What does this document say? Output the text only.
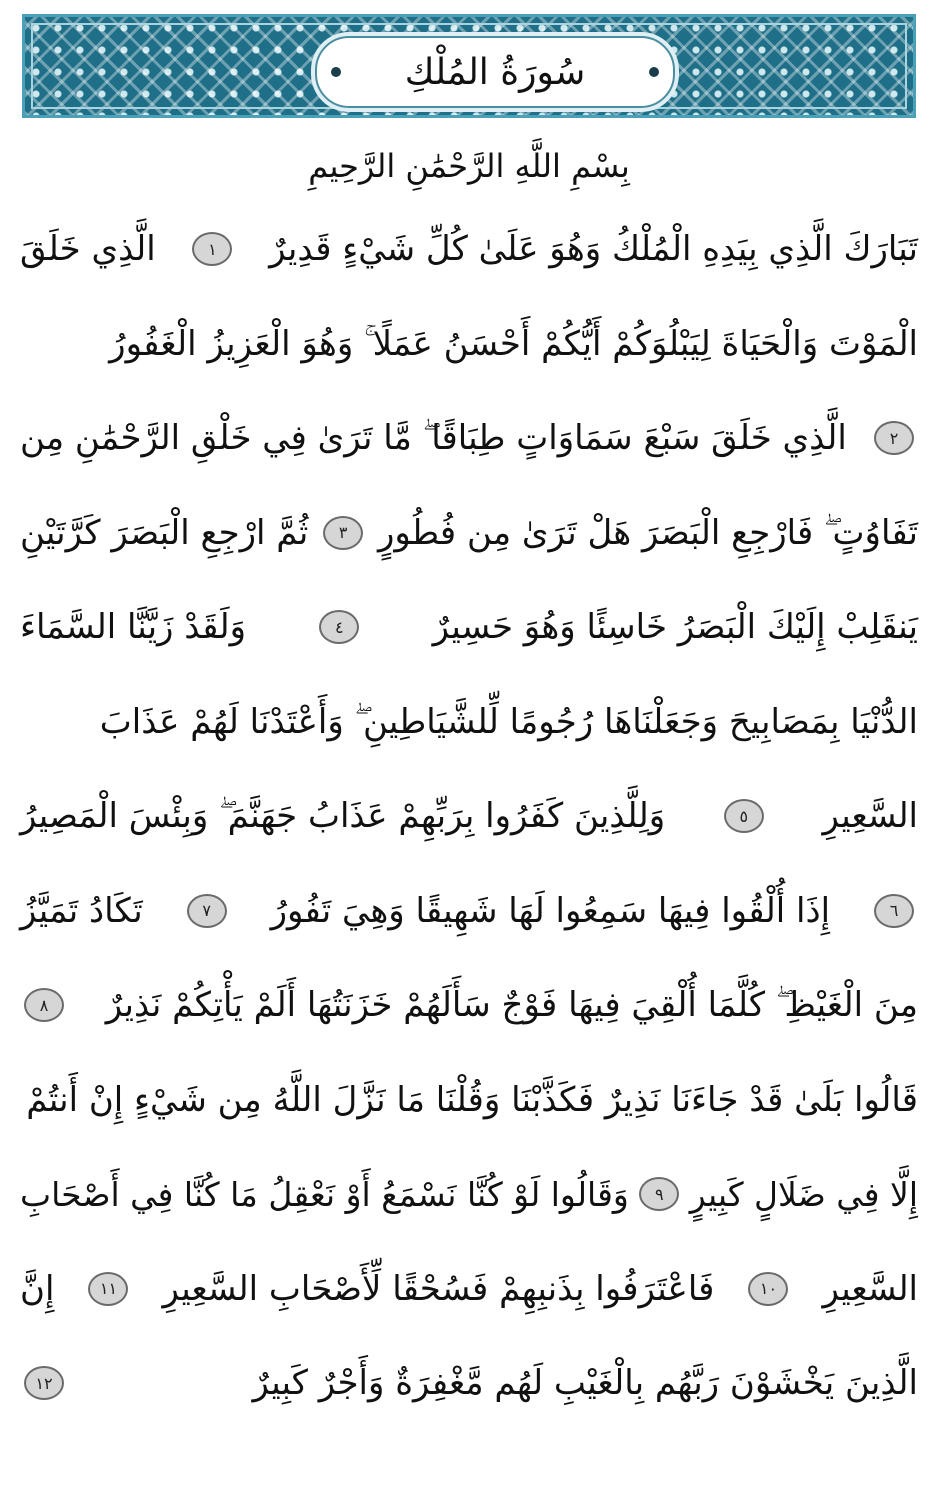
سُورَةُ المُلْكِ
بِسْمِ اللَّهِ الرَّحْمَٰنِ الرَّحِيمِ
تَبَارَكَ الَّذِي بِيَدِهِ الْمُلْكُ وَهُوَ عَلَىٰ كُلِّ شَيْءٍ قَدِيرٌ
١
الَّذِي خَلَقَ
الْمَوْتَ وَالْحَيَاةَ لِيَبْلُوَكُمْ أَيُّكُمْ أَحْسَنُ عَمَلًا ۚ وَهُوَ الْعَزِيزُ الْغَفُورُ
٢
الَّذِي خَلَقَ سَبْعَ سَمَاوَاتٍ طِبَاقًا ۖ مَّا تَرَىٰ فِي خَلْقِ الرَّحْمَٰنِ مِن
تَفَاوُتٍ ۖ فَارْجِعِ الْبَصَرَ هَلْ تَرَىٰ مِن فُطُورٍ
٣
ثُمَّ ارْجِعِ الْبَصَرَ كَرَّتَيْنِ
يَنقَلِبْ إِلَيْكَ الْبَصَرُ خَاسِئًا وَهُوَ حَسِيرٌ
٤
وَلَقَدْ زَيَّنَّا السَّمَاءَ
الدُّنْيَا بِمَصَابِيحَ وَجَعَلْنَاهَا رُجُومًا لِّلشَّيَاطِينِ ۖ وَأَعْتَدْنَا لَهُمْ عَذَابَ
السَّعِيرِ
٥
وَلِلَّذِينَ كَفَرُوا بِرَبِّهِمْ عَذَابُ جَهَنَّمَ ۖ وَبِئْسَ الْمَصِيرُ
٦
إِذَا أُلْقُوا فِيهَا سَمِعُوا لَهَا شَهِيقًا وَهِيَ تَفُورُ
٧
تَكَادُ تَمَيَّزُ
مِنَ الْغَيْظِ ۖ كُلَّمَا أُلْقِيَ فِيهَا فَوْجٌ سَأَلَهُمْ خَزَنَتُهَا أَلَمْ يَأْتِكُمْ نَذِيرٌ
٨
قَالُوا بَلَىٰ قَدْ جَاءَنَا نَذِيرٌ فَكَذَّبْنَا وَقُلْنَا مَا نَزَّلَ اللَّهُ مِن شَيْءٍ إِنْ أَنتُمْ
إِلَّا فِي ضَلَالٍ كَبِيرٍ
٩
وَقَالُوا لَوْ كُنَّا نَسْمَعُ أَوْ نَعْقِلُ مَا كُنَّا فِي أَصْحَابِ
السَّعِيرِ
١٠
فَاعْتَرَفُوا بِذَنبِهِمْ فَسُحْقًا لِّأَصْحَابِ السَّعِيرِ
١١
إِنَّ
الَّذِينَ يَخْشَوْنَ رَبَّهُم بِالْغَيْبِ لَهُم مَّغْفِرَةٌ وَأَجْرٌ كَبِيرٌ
١٢
